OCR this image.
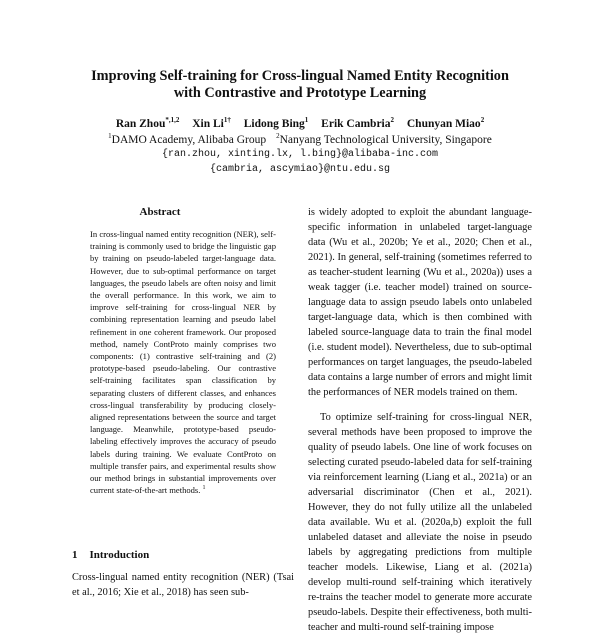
Improving Self-training for Cross-lingual Named Entity Recognition
with Contrastive and Prototype Learning
Ran Zhou$^{*,1,2}$ Xin $Li^{1\dagger}$ Lidong Bing$^1$ Erik Cambria$^2$ Chunyan Miao$^2$
$^1$DAMO Academy, Alibaba Group $^2$Nanyang Technological University, Singapore
{ran.zhou, xinting.lx, l.bing}@alibaba-inc.com
{cambria, ascymiao}@ntu.edu.sg
Abstract

In cross-lingual named entity recognition (NER), self-training is commonly used to bridge the linguistic gap by training on pseudo-labeled target-language data. However, due to sub-optimal performance on target languages, the pseudo labels are often noisy and limit the overall performance. In this work, we aim to improve self-training for cross-lingual NER by combining representation learning and pseudo label refinement in one coherent framework. Our proposed method, namely ContProto mainly comprises two components: (1) contrastive self-training and (2) prototype-based pseudo-labeling. Our contrastive self-training facilitates span classification by separating clusters of different classes, and enhances cross-lingual transferability by producing closely-aligned representations between the source and target language. Meanwhile, prototype-based pseudo-labeling effectively improves the accuracy of pseudo labels during training. We evaluate ContProto on multiple transfer pairs, and experimental results show our method brings in substantial improvements over current state-of-the-art methods. $^1$

1 Introduction

Cross-lingual named entity recognition (NER) (Tsai et al., 2016; Xie et al., 2018) has seen sub-

is widely adopted to exploit the abundant language-specific information in unlabeled target-language data (Wu et al., 2020b; Ye et al., 2020; Chen et al., 2021). In general, self-training (sometimes referred to as teacher-student learning (Wu et al., 2020a)) uses a weak tagger (i.e. teacher model) trained on source-language data to assign pseudo labels onto unlabeled target-language data, which is then combined with labeled source-language data to train the final model (i.e. student model). Nevertheless, due to sub-optimal performances on target languages, the pseudo-labeled data contains a large number of errors and might limit the performances of NER models trained on them.

To optimize self-training for cross-lingual NER, several methods have been proposed to improve the quality of pseudo labels. One line of work focuses on selecting curated pseudo-labeled data for self-training via reinforcement learning (Liang et al., 2021a) or an adversarial discriminator (Chen et al., 2021). However, they do not fully utilize all the unlabeled data available. Wu et al. (2020a,b) exploit the full unlabeled dataset and alleviate the noise in pseudo labels by aggregating predictions from multiple teacher models. Likewise, Liang et al. (2021a) develop multi-round self-training which iteratively re-trains the teacher model to generate more accurate pseudo-labels. Despite their effectiveness, both multi-teacher and multi-round self-training impose
